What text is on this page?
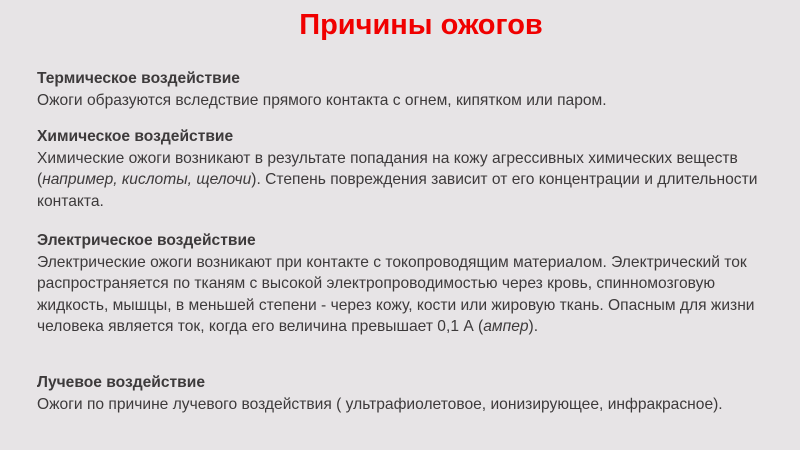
Причины ожогов
Термическое воздействие
Ожоги образуются вследствие прямого контакта с огнем, кипятком или паром.
Химическое воздействие
Химические ожоги возникают в результате попадания на кожу агрессивных химических веществ (например, кислоты, щелочи). Степень повреждения зависит от его концентрации и длительности контакта.
Электрическое воздействие
Электрические ожоги возникают при контакте с токопроводящим материалом. Электрический ток распространяется по тканям с высокой электропроводимостью через кровь, спинномозговую жидкость, мышцы, в меньшей степени - через кожу, кости или жировую ткань. Опасным для жизни человека является ток, когда его величина превышает 0,1 А (ампер).
Лучевое воздействие
Ожоги по причине лучевого воздействия ( ультрафиолетовое, ионизирующее, инфракрасное).
